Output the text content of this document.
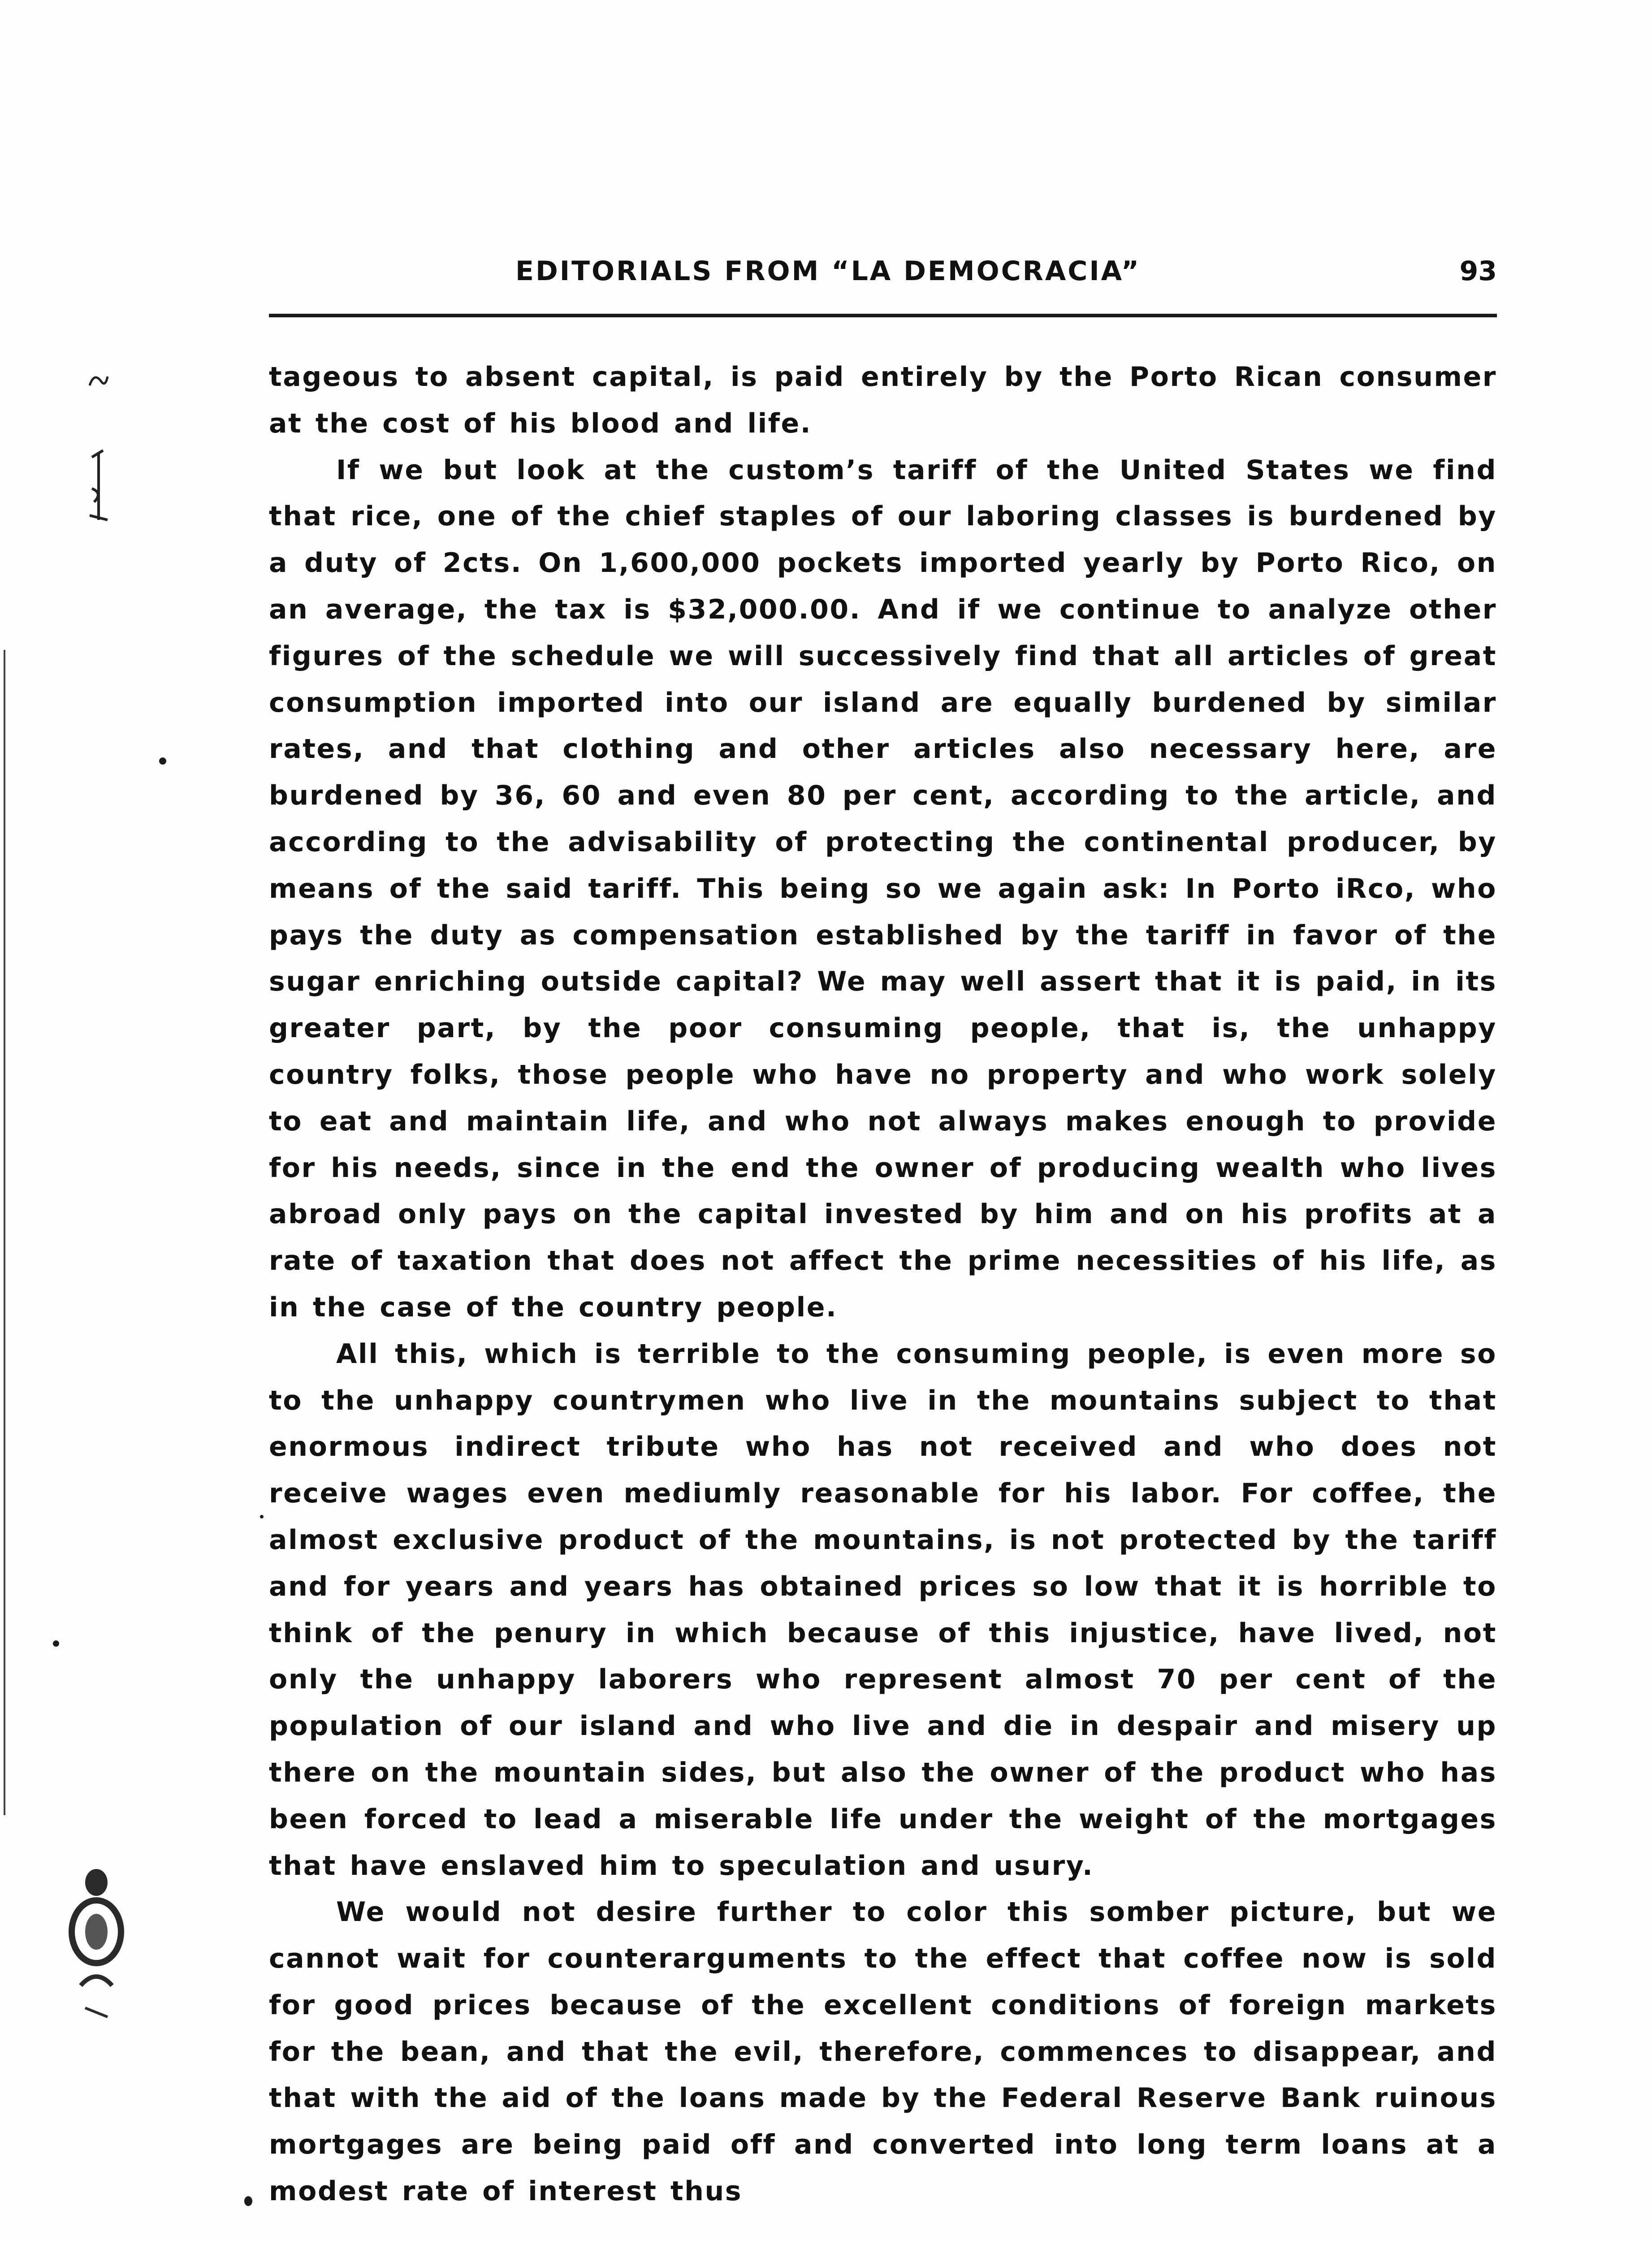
EDITORIALS FROM “LA DEMOCRACIA”	93

tageous to absent capital, is paid entirely by the Porto Rican consumer at the cost of his blood and life.

If we but look at the custom’s tariff of the United States we find that rice, one of the chief staples of our laboring classes is burdened by a duty of 2cts. On 1,600,000 pockets imported yearly by Porto Rico, on an average, the tax is $32,000.00. And if we continue to analyze other figures of the schedule we will successively find that all articles of great consumption imported into our island are equally burdened by similar rates, and that clothing and other articles also necessary here, are burdened by 36, 60 and even 80 per cent, according to the article, and according to the advisability of protecting the continental producer, by means of the said tariff. This being so we again ask: In Porto iRco, who pays the duty as compensation established by the tariff in favor of the sugar enriching outside capital? We may well assert that it is paid, in its greater part, by the poor consuming people, that is, the unhappy country folks, those people who have no property and who work solely to eat and maintain life, and who not always makes enough to provide for his needs, since in the end the owner of producing wealth who lives abroad only pays on the capital invested by him and on his profits at a rate of taxation that does not affect the prime necessities of his life, as in the case of the country people.

All this, which is terrible to the consuming people, is even more so to the unhappy countrymen who live in the mountains subject to that enormous indirect tribute who has not received and who does not receive wages even mediumly reasonable for his labor. For coffee, the almost exclusive product of the mountains, is not protected by the tariff and for years and years has obtained prices so low that it is horrible to think of the penury in which because of this injustice, have lived, not only the unhappy laborers who represent almost 70 per cent of the population of our island and who live and die in despair and misery up there on the mountain sides, but also the owner of the product who has been forced to lead a miserable life under the weight of the mortgages that have enslaved him to speculation and usury.

We would not desire further to color this somber picture, but we cannot wait for counterarguments to the effect that coffee now is sold for good prices because of the excellent conditions of foreign markets for the bean, and that the evil, therefore, commences to disappear, and that with the aid of the loans made by the Federal Reserve Bank ruinous mortgages are being paid off and converted into long term loans at a modest rate of interest thus
